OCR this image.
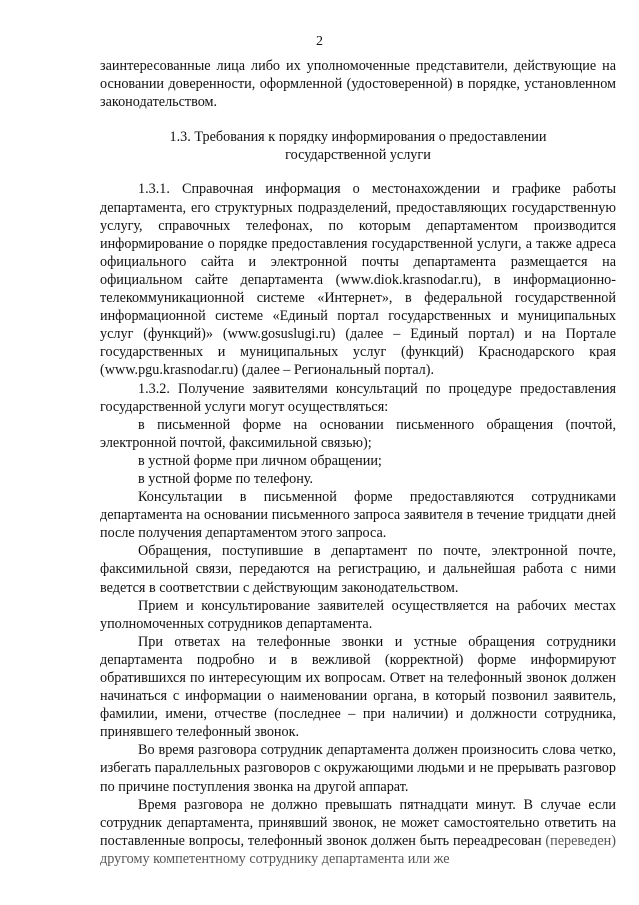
2

заинтересованные лица либо их уполномоченные представители, действующие на основании доверенности, оформленной (удостоверенной) в порядке, установленном законодательством.

1.3. Требования к порядку информирования о предоставлении государственной услуги

1.3.1. Справочная информация о местонахождении и графике работы департамента, его структурных подразделений, предоставляющих государственную услугу, справочных телефонах, по которым департаментом производится информирование о порядке предоставления государственной услуги, а также адреса официального сайта и электронной почты департамента размещается на официальном сайте департамента (www.diok.krasnodar.ru), в информационно-телекоммуникационной системе «Интернет», в федеральной государственной информационной системе «Единый портал государственных и муниципальных услуг (функций)» (www.gosuslugi.ru) (далее – Единый портал) и на Портале государственных и муниципальных услуг (функций) Краснодарского края (www.pgu.krasnodar.ru) (далее – Региональный портал).

1.3.2. Получение заявителями консультаций по процедуре предоставления государственной услуги могут осуществляться:

в письменной форме на основании письменного обращения (почтой, электронной почтой, факсимильной связью);

в устной форме при личном обращении;

в устной форме по телефону.

Консультации в письменной форме предоставляются сотрудниками департамента на основании письменного запроса заявителя в течение тридцати дней после получения департаментом этого запроса.

Обращения, поступившие в департамент по почте, электронной почте, факсимильной связи, передаются на регистрацию, и дальнейшая работа с ними ведется в соответствии с действующим законодательством.

Прием и консультирование заявителей осуществляется на рабочих местах уполномоченных сотрудников департамента.

При ответах на телефонные звонки и устные обращения сотрудники департамента подробно и в вежливой (корректной) форме информируют обратившихся по интересующим их вопросам. Ответ на телефонный звонок должен начинаться с информации о наименовании органа, в который позвонил заявитель, фамилии, имени, отчестве (последнее – при наличии) и должности сотрудника, принявшего телефонный звонок.

Во время разговора сотрудник департамента должен произносить слова четко, избегать параллельных разговоров с окружающими людьми и не прерывать разговор по причине поступления звонка на другой аппарат.

Время разговора не должно превышать пятнадцати минут. В случае если сотрудник департамента, принявший звонок, не может самостоятельно ответить на поставленные вопросы, телефонный звонок должен быть переадресован (переведен) другому компетентному сотруднику департамента или же
